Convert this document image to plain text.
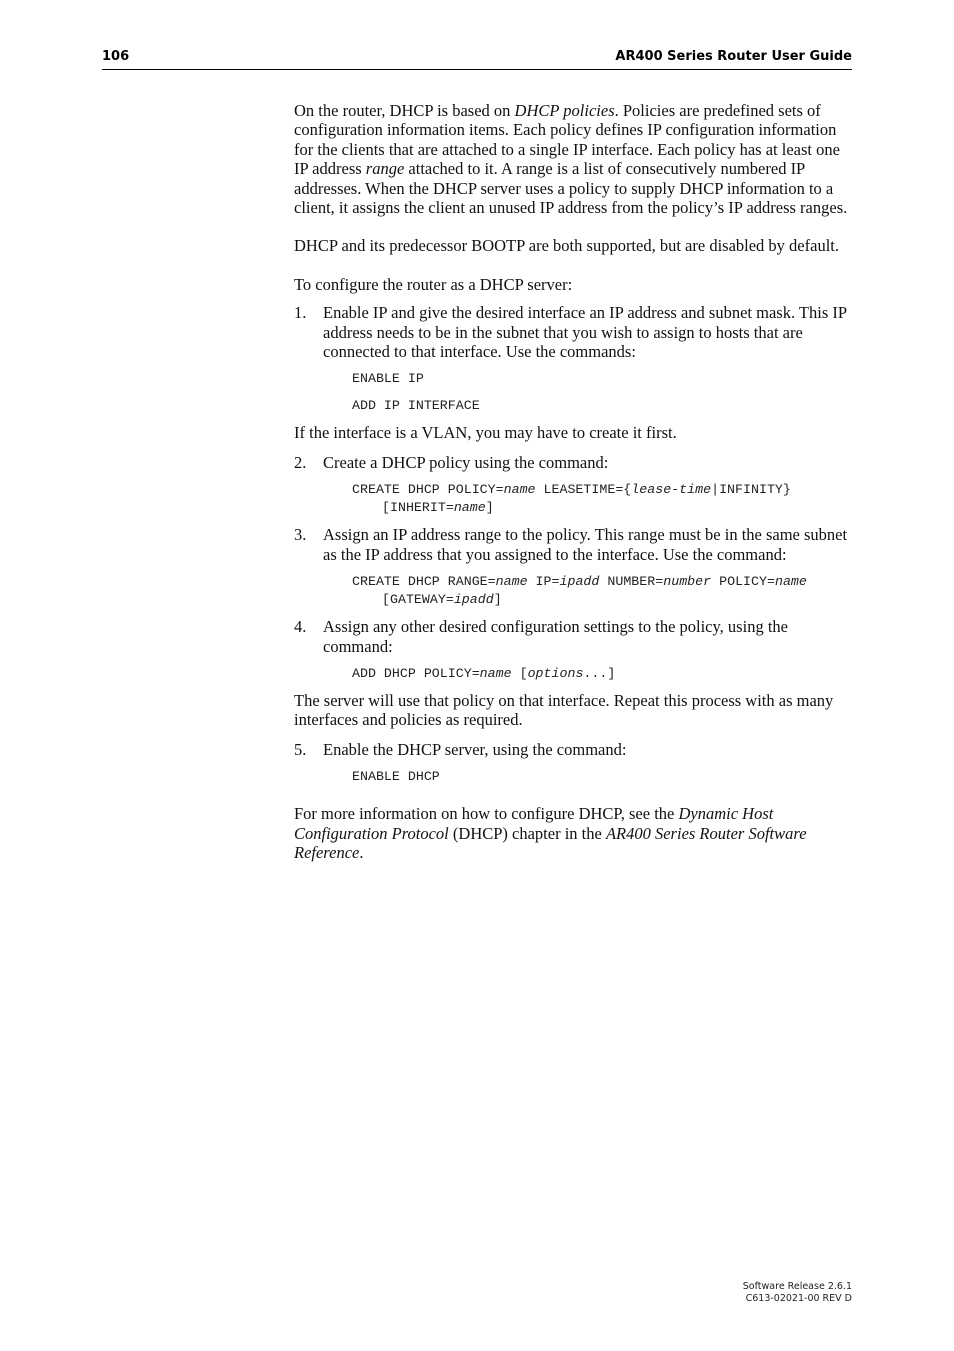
106	AR400 Series Router User Guide

On the router, DHCP is based on DHCP policies. Policies are predefined sets of configuration information items. Each policy defines IP configuration information for the clients that are attached to a single IP interface. Each policy has at least one IP address range attached to it. A range is a list of consecutively numbered IP addresses. When the DHCP server uses a policy to supply DHCP information to a client, it assigns the client an unused IP address from the policy’s IP address ranges.

DHCP and its predecessor BOOTP are both supported, but are disabled by default.

To configure the router as a DHCP server:

1. Enable IP and give the desired interface an IP address and subnet mask. This IP address needs to be in the subnet that you wish to assign to hosts that are connected to that interface. Use the commands:

ENABLE IP
ADD IP INTERFACE

If the interface is a VLAN, you may have to create it first.

2. Create a DHCP policy using the command:

CREATE DHCP POLICY=name LEASETIME={lease-time|INFINITY} [INHERIT=name]
3. Assign an IP address range to the policy. This range must be in the same subnet as the IP address that you assigned to the interface. Use the command:

CREATE DHCP RANGE=name IP=ipadd NUMBER=number POLICY=name [GATEWAY=ipadd]
4. Assign any other desired configuration settings to the policy, using the command:

ADD DHCP POLICY=name [options...]

The server will use that policy on that interface. Repeat this process with as many interfaces and policies as required.

5. Enable the DHCP server, using the command:

ENABLE DHCP

For more information on how to configure DHCP, see the Dynamic Host Configuration Protocol (DHCP) chapter in the AR400 Series Router Software Reference.

Software Release 2.6.1
C613-02021-00 REV D
